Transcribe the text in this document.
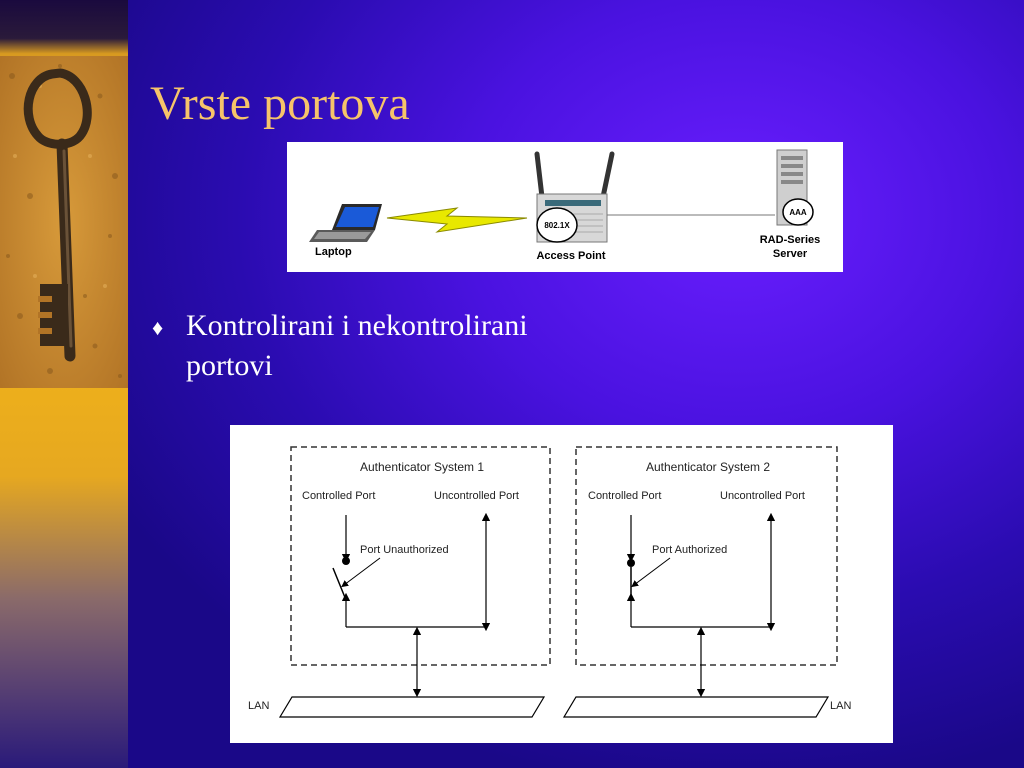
Vrste portova
Laptop
802.1X
Access Point
AAA
RAD-Series
Server
♦ Kontrolirani i nekontrolirani portovi
Authenticator System 1
Controlled Port	Uncontrolled Port
Port Unauthorized
Authenticator System 2
Controlled Port	Uncontrolled Port
Port Authorized
LAN	LAN
